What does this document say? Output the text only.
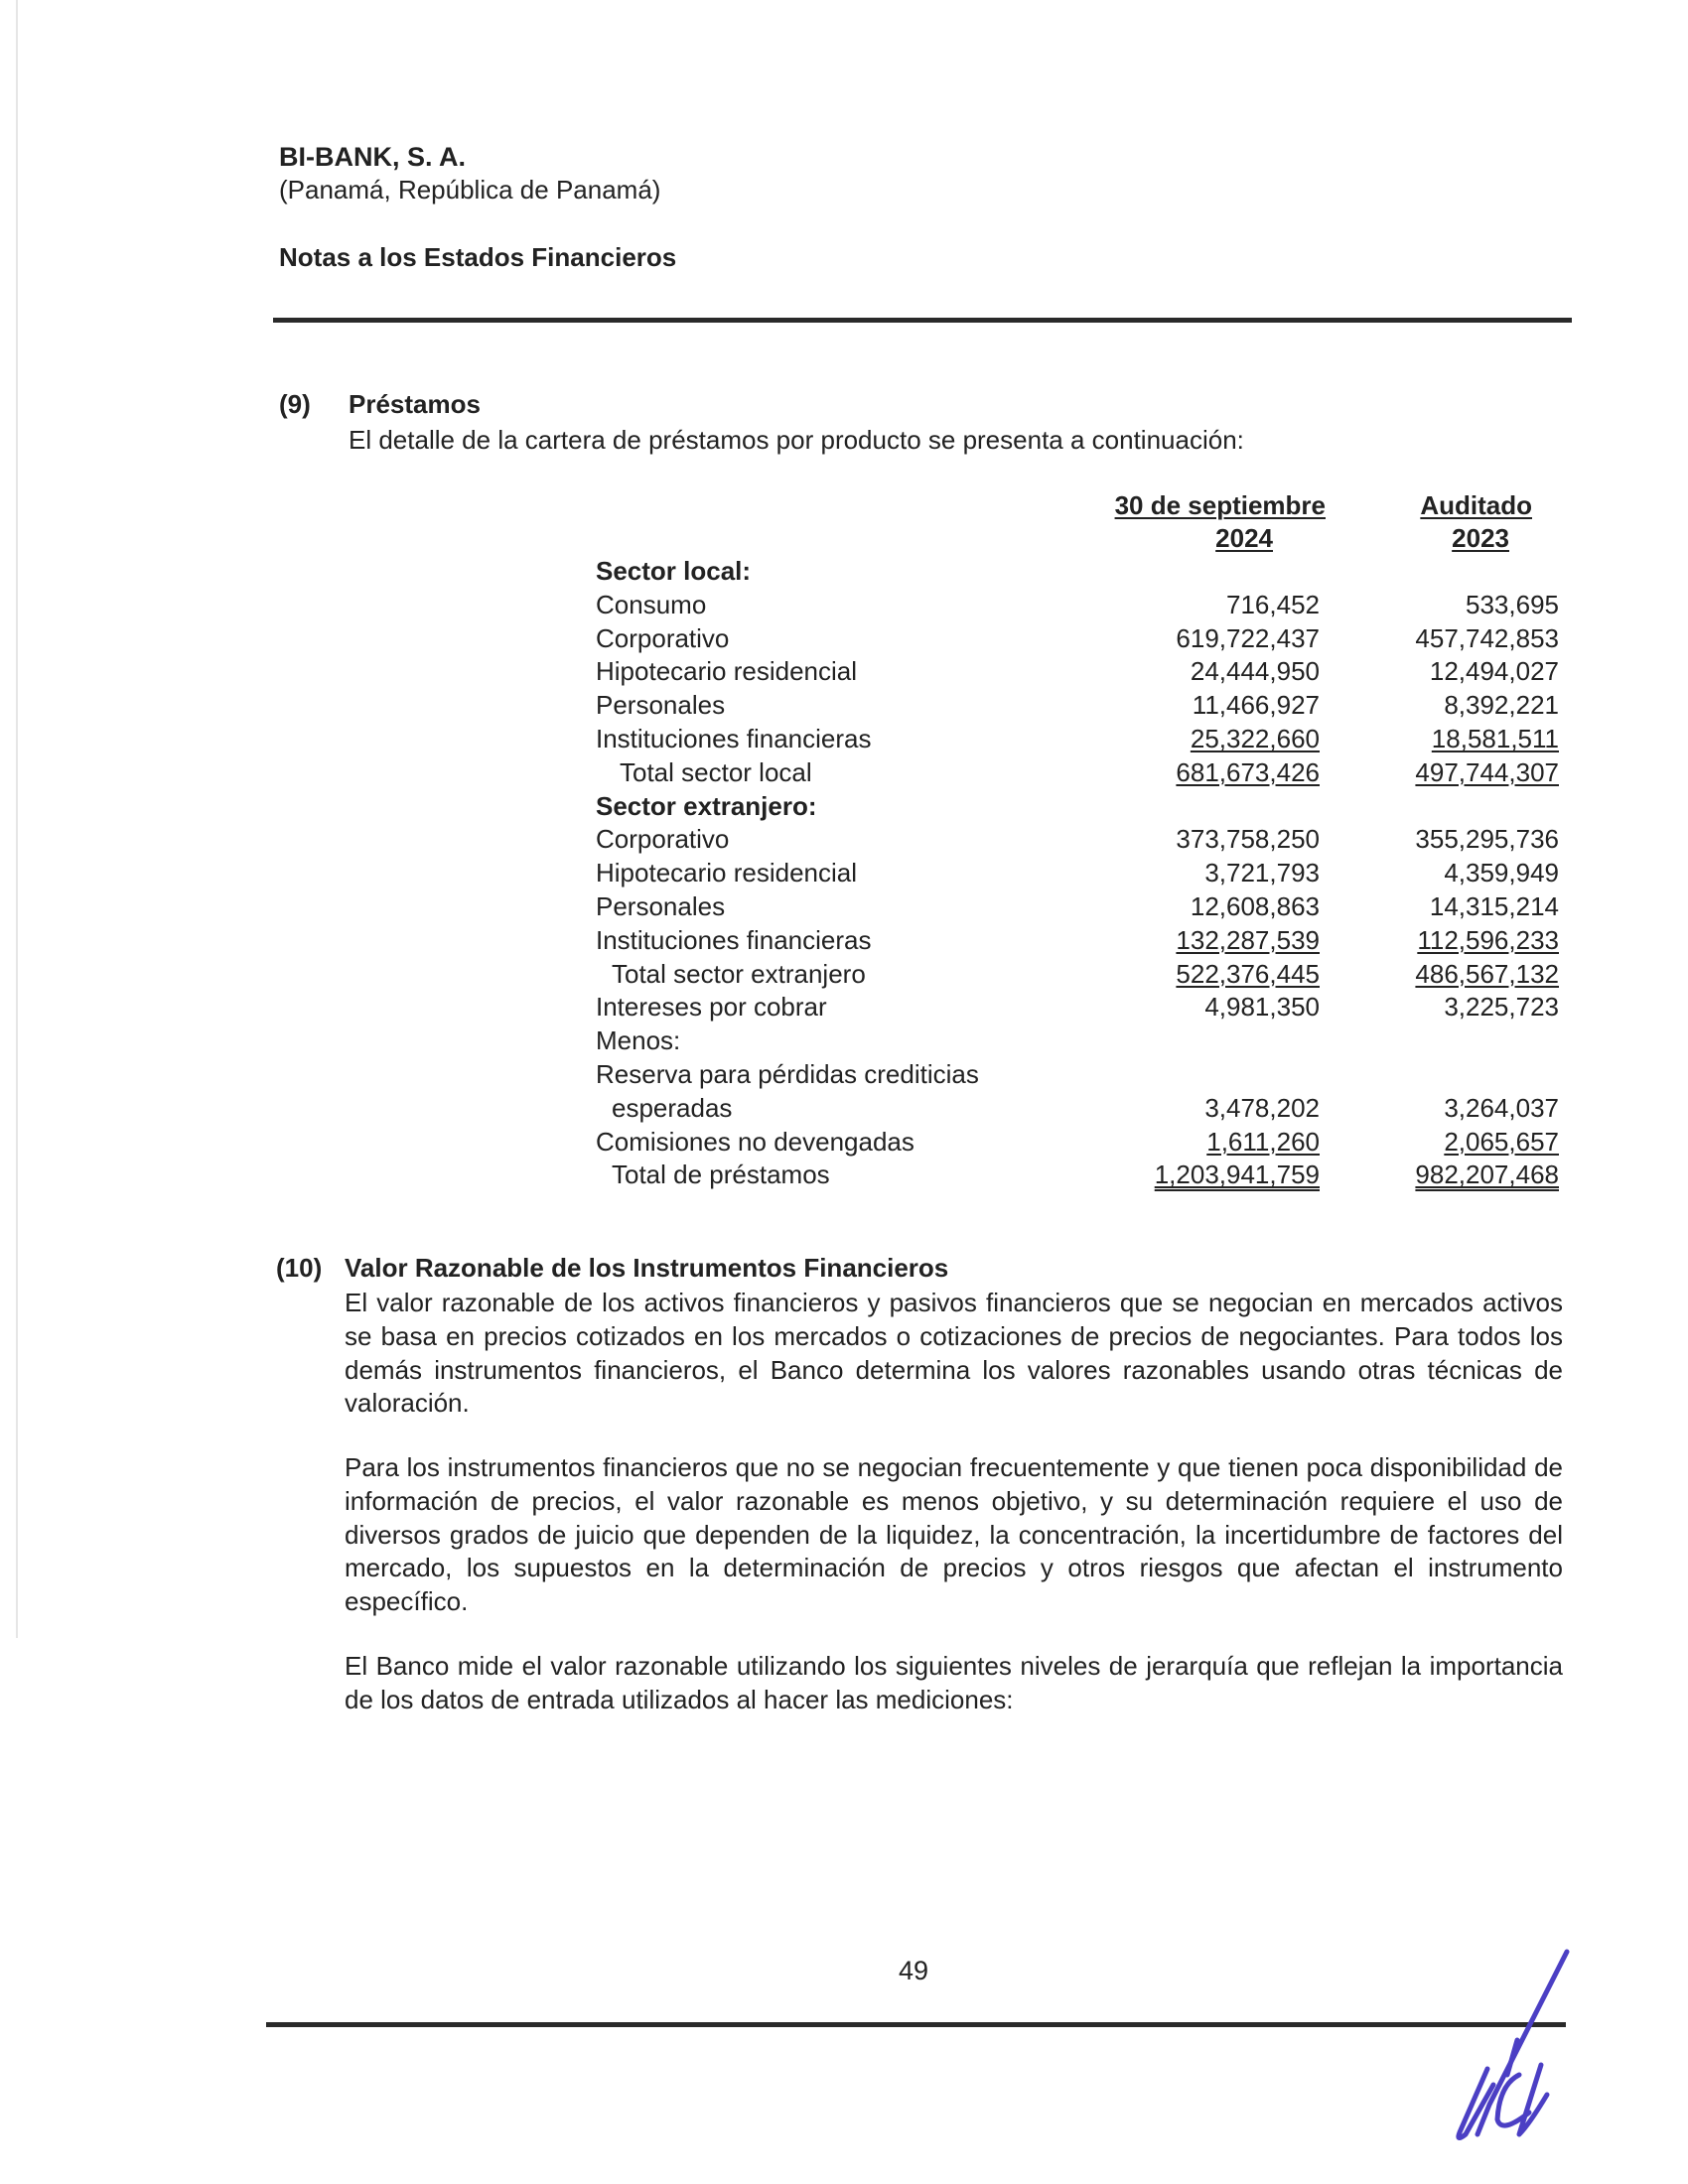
BI-BANK, S. A.
(Panamá, República de Panamá)
Notas a los Estados Financieros
(9) Préstamos
El detalle de la cartera de préstamos por producto se presenta a continuación:
30 de septiembre
2024
Auditado
2023
Sector local:
Consumo	716,452	533,695
Corporativo	619,722,437	457,742,853
Hipotecario residencial	24,444,950	12,494,027
Personales	11,466,927	8,392,221
Instituciones financieras	25,322,660	18,581,511
Total sector local	681,673,426	497,744,307
Sector extranjero:
Corporativo	373,758,250	355,295,736
Hipotecario residencial	3,721,793	4,359,949
Personales	12,608,863	14,315,214
Instituciones financieras	132,287,539	112,596,233
Total sector extranjero	522,376,445	486,567,132
Intereses por cobrar	4,981,350	3,225,723
Menos:
Reserva para pérdidas crediticias
esperadas	3,478,202	3,264,037
Comisiones no devengadas	1,611,260	2,065,657
Total de préstamos	1,203,941,759	982,207,468
(10) Valor Razonable de los Instrumentos Financieros
El valor razonable de los activos financieros y pasivos financieros que se negocian en mercados activos se basa en precios cotizados en los mercados o cotizaciones de precios de negociantes. Para todos los demás instrumentos financieros, el Banco determina los valores razonables usando otras técnicas de valoración.
Para los instrumentos financieros que no se negocian frecuentemente y que tienen poca disponibilidad de información de precios, el valor razonable es menos objetivo, y su determinación requiere el uso de diversos grados de juicio que dependen de la liquidez, la concentración, la incertidumbre de factores del mercado, los supuestos en la determinación de precios y otros riesgos que afectan el instrumento específico.
El Banco mide el valor razonable utilizando los siguientes niveles de jerarquía que reflejan la importancia de los datos de entrada utilizados al hacer las mediciones:
49
